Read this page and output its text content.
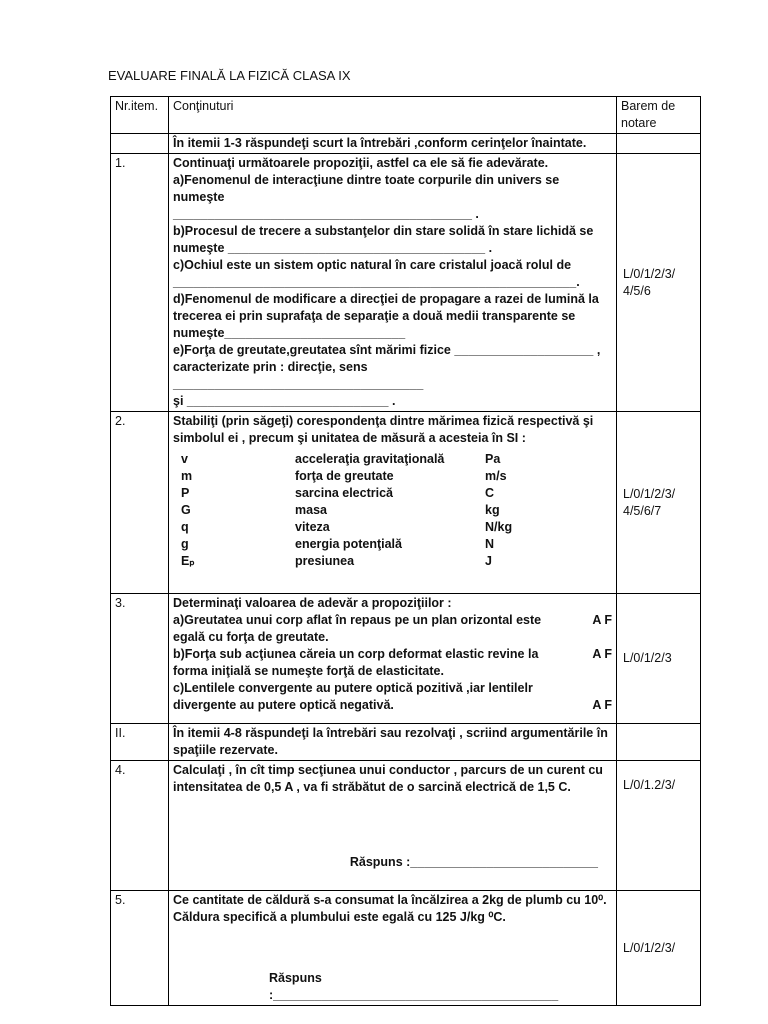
EVALUARE FINALĂ LA FIZICĂ CLASA IX
Nr.item.	Conţinuturi	Barem de notare
	În itemii 1-3 răspundeţi scurt la întrebări ,conform cerinţelor înaintate.	
1.	Continuaţi următoarele propoziţii, astfel ca ele să fie adevărate.
a)Fenomenul de interacţiune dintre toate corpurile din univers se numeşte
___________________________________________ .
b)Procesul de trecere a substanţelor din stare solidă în stare lichidă se
numeşte _____________________________________ .
c)Ochiul este un sistem optic natural în care cristalul joacă rolul de
__________________________________________________________.
d)Fenomenul de modificare a direcţiei de propagare a razei de lumină la
trecerea ei prin suprafaţa de separaţie a două medii transparente se
numeşte__________________________
e)Forţa de greutate,greutatea sînt mărimi fizice ____________________ ,
caracterizate prin : direcţie, sens ____________________________________
şi _____________________________ .
	L/0/1/2/3/ 4/5/6
2.	Stabiliţi (prin săgeţi) corespondenţa dintre mărimea fizică respectivă şi
simbolul ei , precum şi unitatea de măsură a acesteia în SI :
v	acceleraţia gravitaţională	Pa
m	forţa de greutate	m/s
P	sarcina electrică	C
G	masa	kg
q	viteza	N/kg
g	energia potenţială	N
Eₚ	presiunea	J
	L/0/1/2/3/ 4/5/6/7
3.	Determinaţi valoarea de adevăr a propoziţiilor :
a)Greutatea unui corp aflat în repaus pe un plan orizontal este	A F
egală cu forţa de greutate.
b)Forţa sub acţiunea căreia un corp deformat elastic revine la	A F
forma iniţială se numeşte forţă de elasticitate.
c)Lentilele convergente au putere optică pozitivă ,iar lentilelr
divergente au putere optică negativă.	A F
	L/0/1/2/3
II.	În itemii 4-8 răspundeţi la întrebări sau rezolvaţi , scriind argumentările în spaţiile rezervate.	
4.	Calculaţi , în cît timp secţiunea unui conductor , parcurs de un curent cu intensitatea de 0,5 A , va fi străbătut de o sarcină electrică de 1,5 C.
Răspuns :___________________________
	L/0/1.2/3/
5.	Ce cantitate de căldură s-a consumat la încălzirea a 2kg de plumb cu 10⁰.
Căldura specifică a plumbului este egală cu 125 J/kg ⁰C.
Răspuns :_________________________________________
	L/0/1/2/3/
